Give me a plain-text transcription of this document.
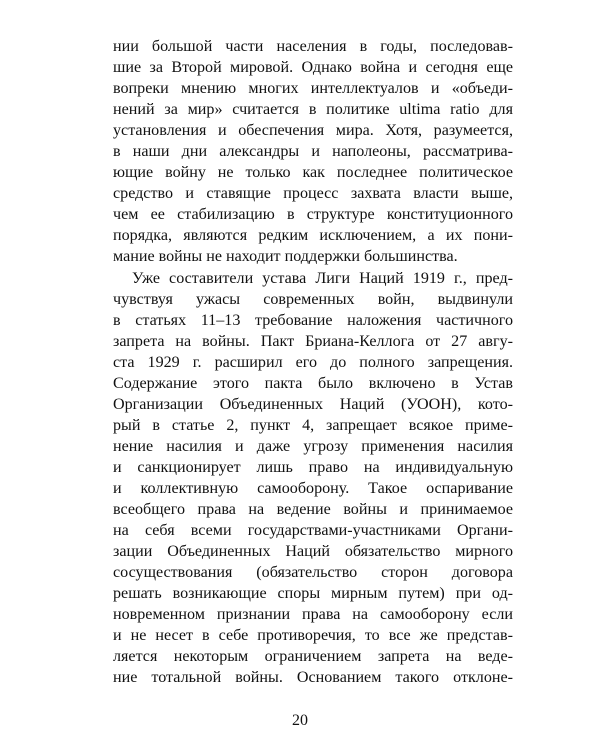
нии большой части населения в годы, последовав-
шие за Второй мировой. Однако война и сегодня еще
вопреки мнению многих интеллектуалов и «объеди-
нений за мир» считается в политике ultima ratio для
установления и обеспечения мира. Хотя, разумеется,
в наши дни александры и наполеоны, рассматрива-
ющие войну не только как последнее политическое
средство и ставящие процесс захвата власти выше,
чем ее стабилизацию в структуре конституционного
порядка, являются редким исключением, а их пони-
мание войны не находит поддержки большинства.
Уже составители устава Лиги Наций 1919 г., пред-
чувствуя ужасы современных войн, выдвинули
в статьях 11–13 требование наложения частичного
запрета на войны. Пакт Бриана-Келлога от 27 авгу-
ста 1929 г. расширил его до полного запрещения.
Содержание этого пакта было включено в Устав
Организации Объединенных Наций (УООН), кото-
рый в статье 2, пункт 4, запрещает всякое приме-
нение насилия и даже угрозу применения насилия
и санкционирует лишь право на индивидуальную
и коллективную самооборону. Такое оспаривание
всеобщего права на ведение войны и принимаемое
на себя всеми государствами-участниками Органи-
зации Объединенных Наций обязательство мирного
сосуществования (обязательство сторон договора
решать возникающие споры мирным путем) при од-
новременном признании права на самооборону если
и не несет в себе противоречия, то все же представ-
ляется некоторым ограничением запрета на веде-
ние тотальной войны. Основанием такого отклоне-
20
